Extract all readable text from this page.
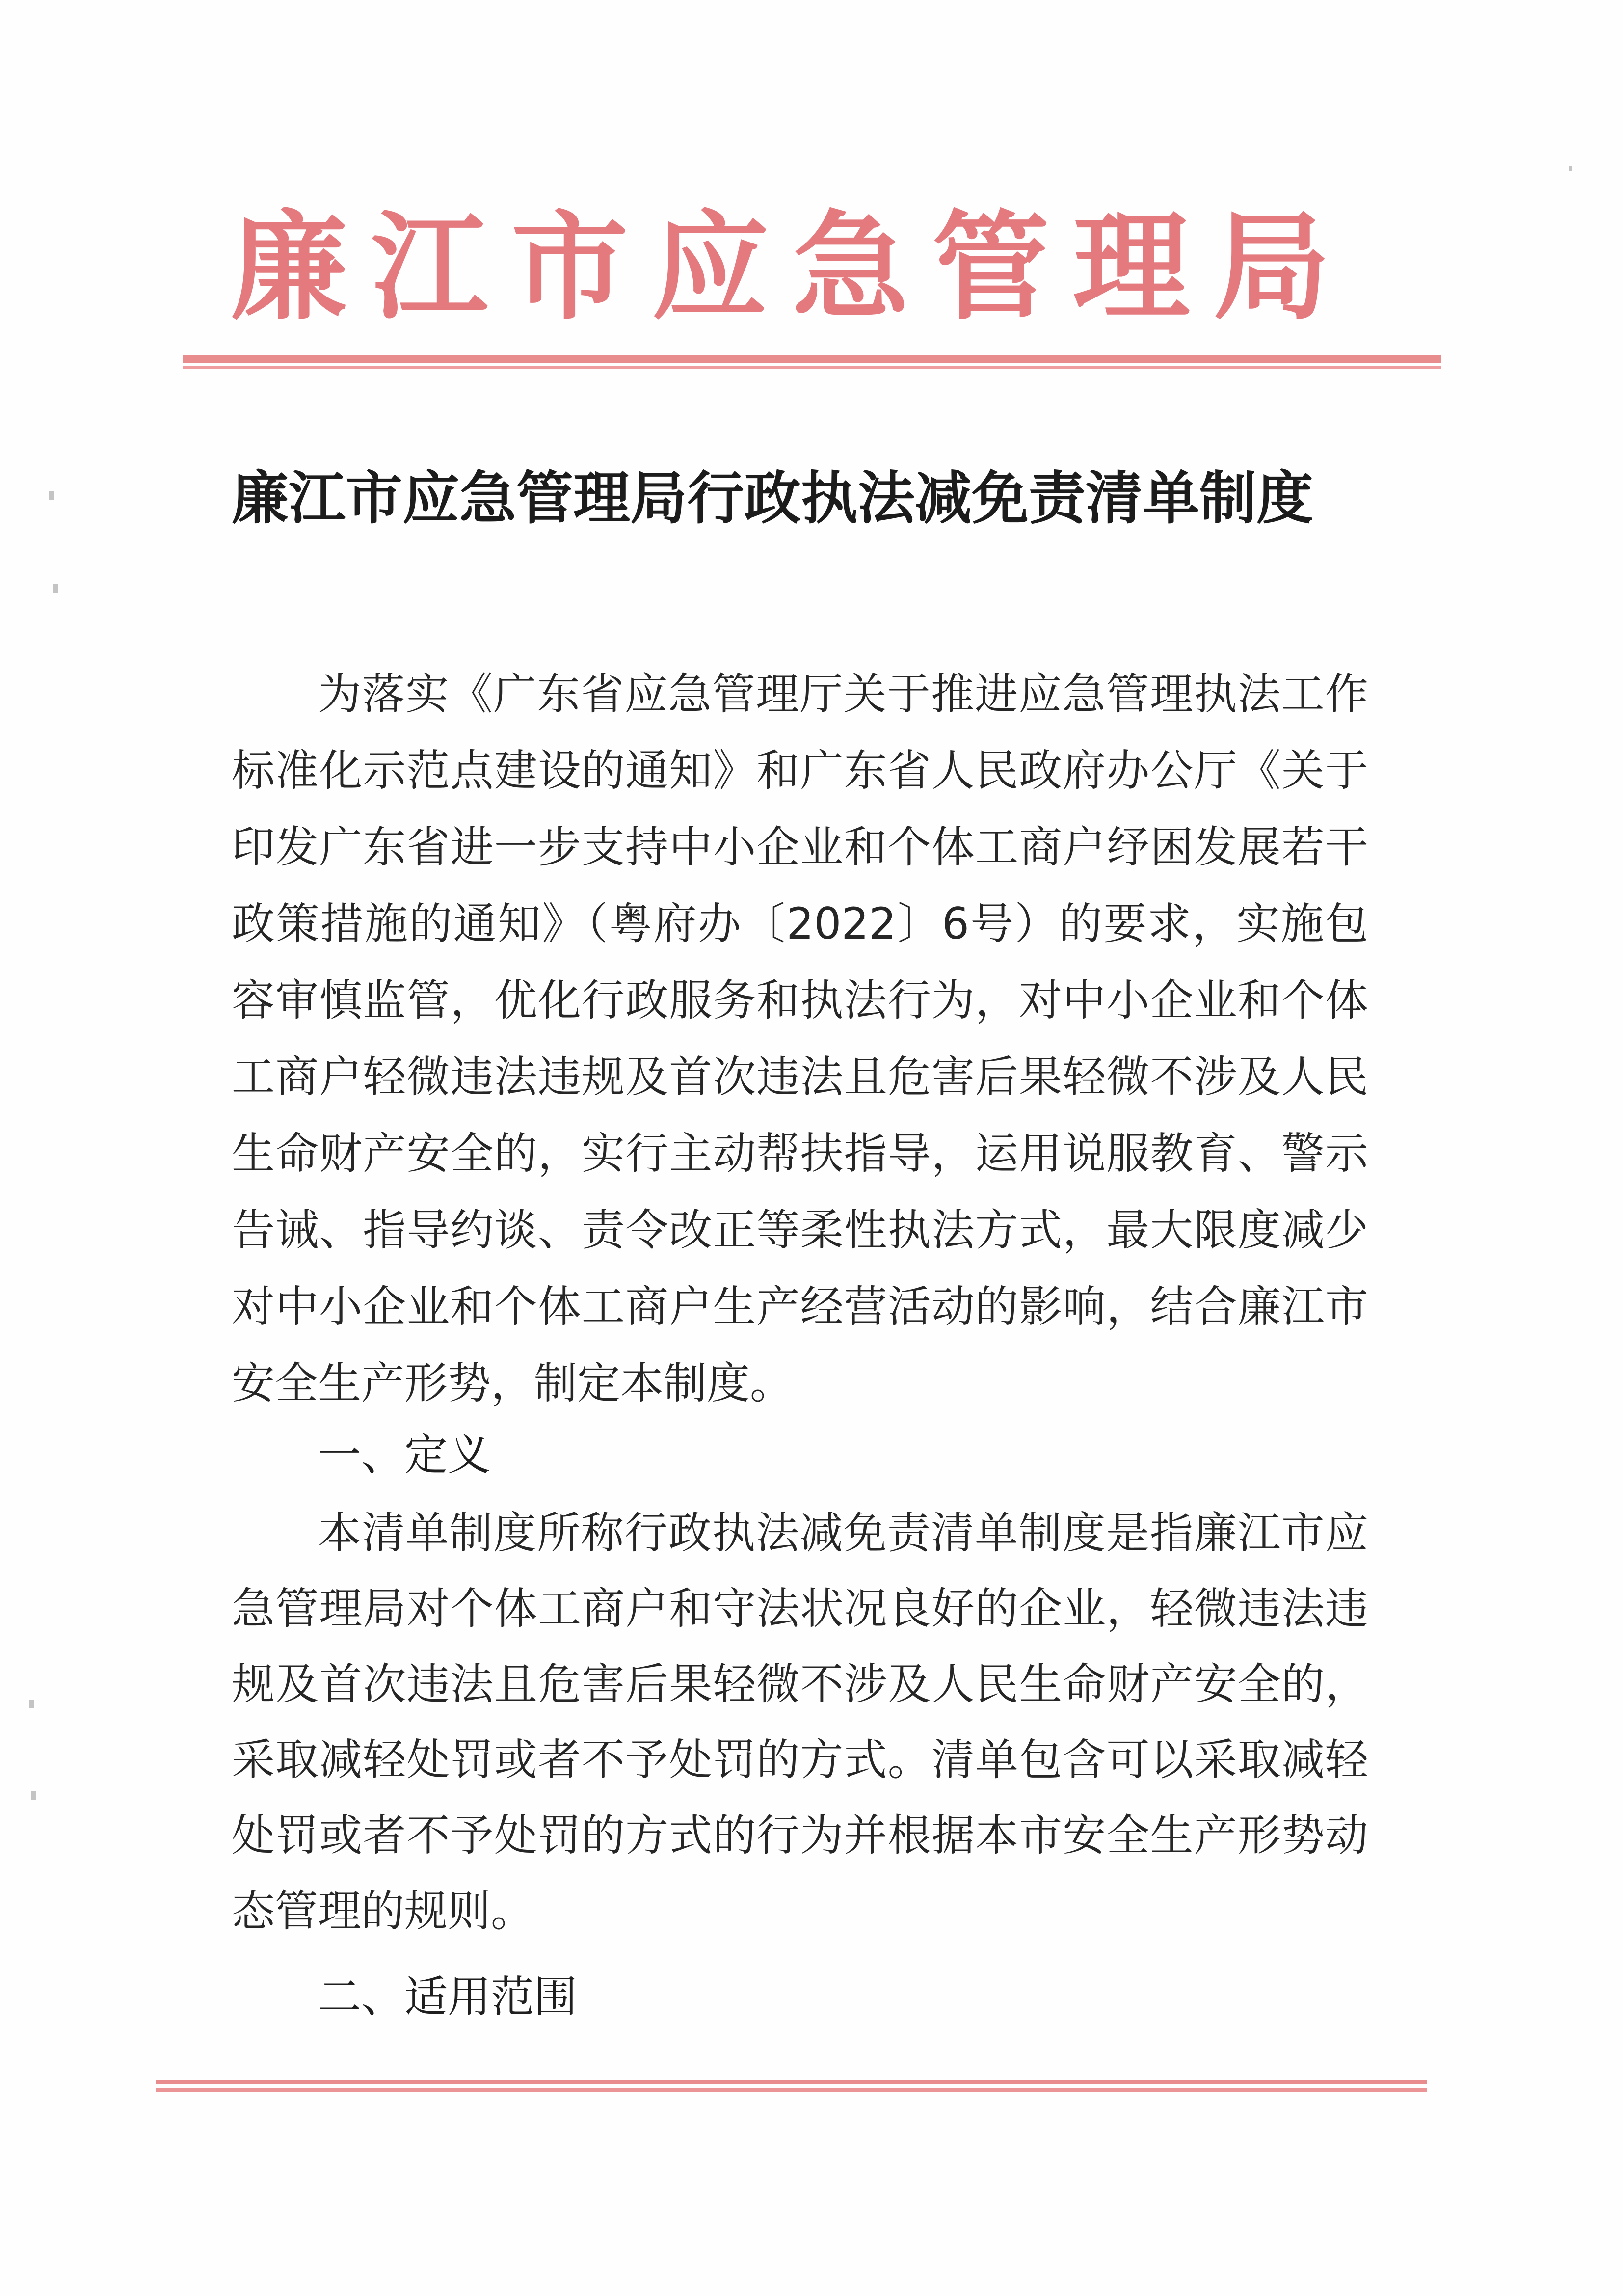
廉 江 市 应 急 管 理 局
廉江市应急管理局行政执法减免责清单制度
为落实《广东省应急管理厅关于推进应急管理执法工作标准化示范点建设的通知》和广东省人民政府办公厅《关于印发广东省进一步支持中小企业和个体工商户纾困发展若干政策措施的通知》（粤府办〔2022〕6号）的要求，实施包容审慎监管，优化行政服务和执法行为，对中小企业和个体工商户轻微违法违规及首次违法且危害后果轻微不涉及人民生命财产安全的，实行主动帮扶指导，运用说服教育、警示告诫、指导约谈、责令改正等柔性执法方式，最大限度减少对中小企业和个体工商户生产经营活动的影响，结合廉江市安全生产形势，制定本制度。
一、定义
本清单制度所称行政执法减免责清单制度是指廉江市应急管理局对个体工商户和守法状况良好的企业，轻微违法违规及首次违法且危害后果轻微不涉及人民生命财产安全的，采取减轻处罚或者不予处罚的方式。清单包含可以采取减轻处罚或者不予处罚的方式的行为并根据本市安全生产形势动态管理的规则。
二、适用范围
